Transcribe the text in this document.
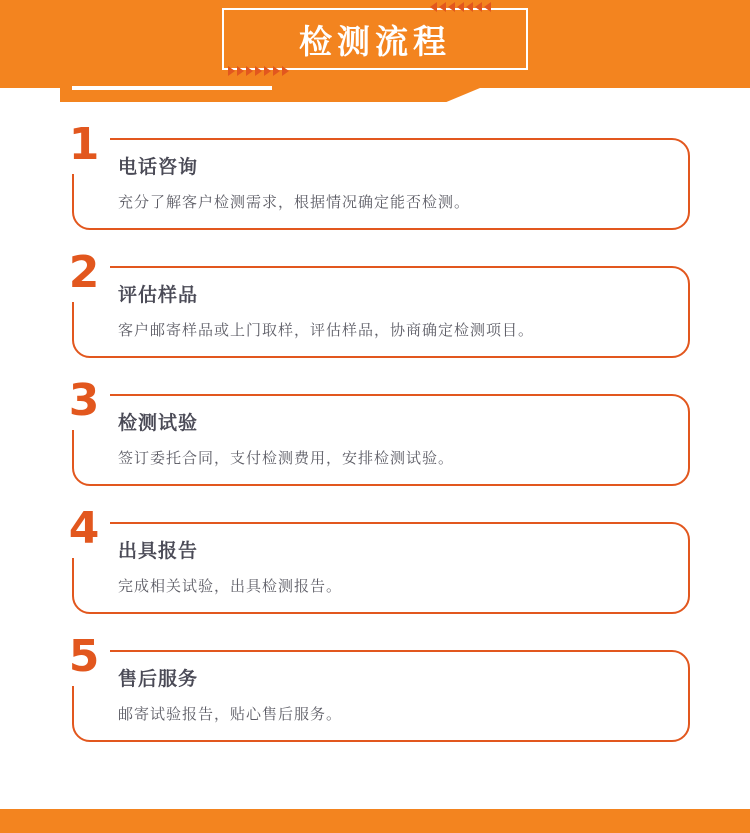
检测流程
1 电话咨询

充分了解客户检测需求，根据情况确定能否检测。

2 评估样品

客户邮寄样品或上门取样，评估样品，协商确定检测项目。

3 检测试验

签订委托合同，支付检测费用，安排检测试验。

4 出具报告

完成相关试验，出具检测报告。

5 售后服务

邮寄试验报告，贴心售后服务。
